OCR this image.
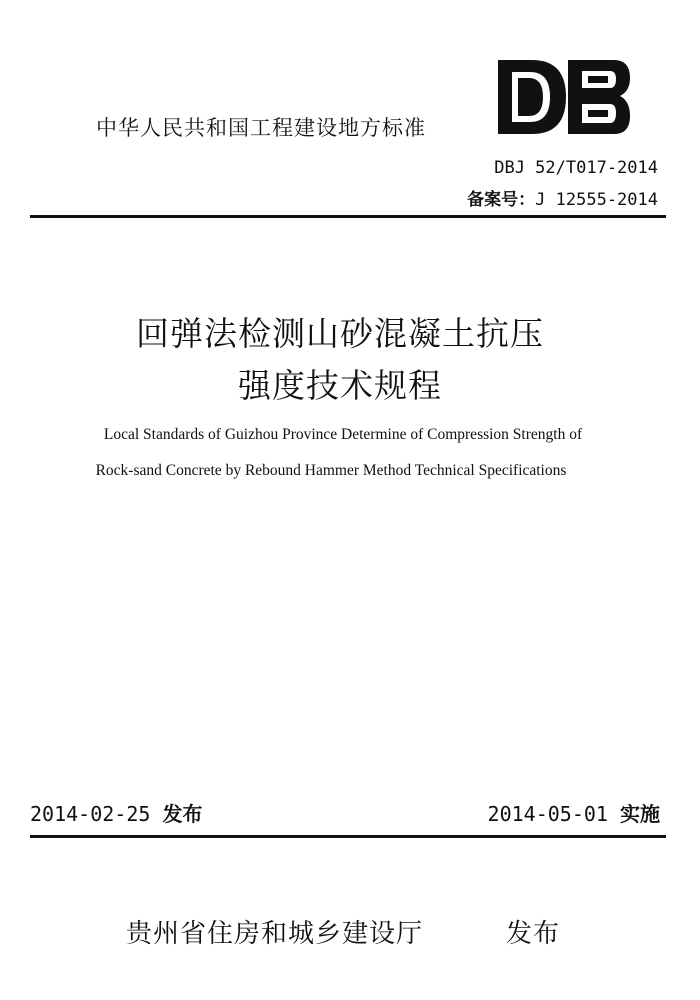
中华人民共和国工程建设地方标准
DBJ 52/T017-2014
备案号：J 12555-2014
回弹法检测山砂混凝土抗压
强度技术规程
Local Standards of Guizhou Province Determine of Compression Strength of
Rock-sand Concrete by Rebound Hammer Method Technical Specifications
2014-02-25 发布	2014-05-01 实施
贵州省住房和城乡建设厅	发布
